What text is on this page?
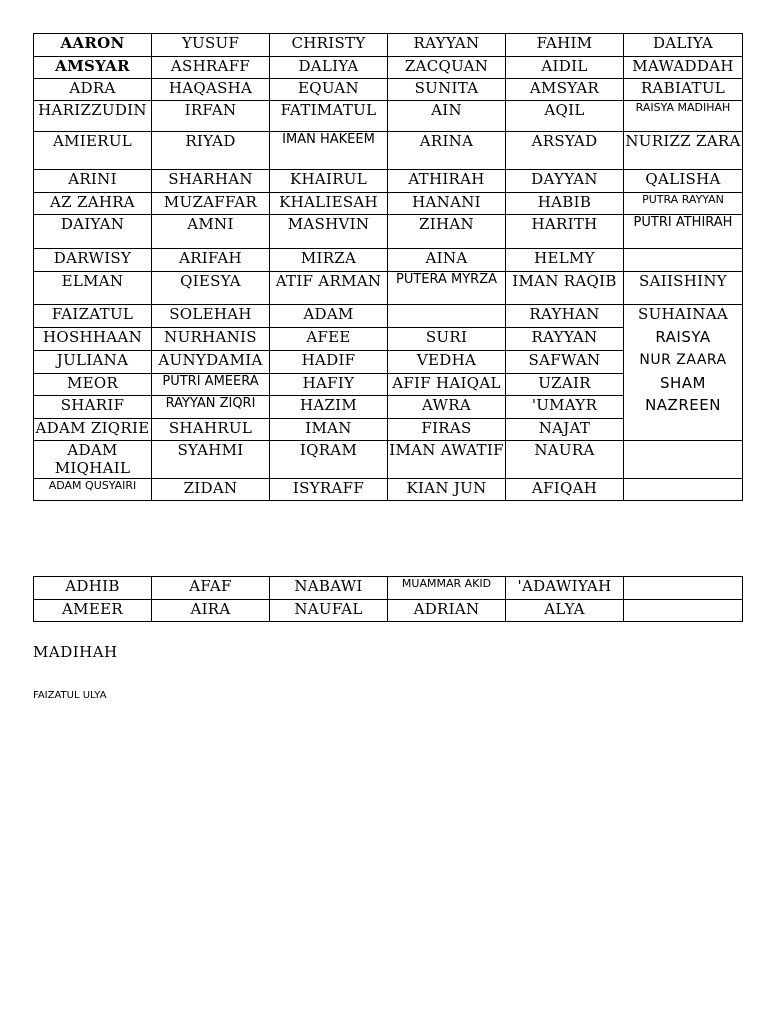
AARON	YUSUF	CHRISTY	RAYYAN	FAHIM	DALIYA
AMSYAR	ASHRAFF	DALIYA	ZACQUAN	AIDIL	MAWADDAH
ADRA	HAQASHA	EQUAN	SUNITA	AMSYAR	RABIATUL
HARIZZUDIN	IRFAN	FATIMATUL	AIN	AQIL	RAISYA MADIHAH
AMIERUL	RIYAD	IMAN HAKEEM	ARINA	ARSYAD	NURIZZ ZARA
ARINI	SHARHAN	KHAIRUL	ATHIRAH	DAYYAN	QALISHA
AZ ZAHRA	MUZAFFAR	KHALIESAH	HANANI	HABIB	PUTRA RAYYAN
DAIYAN	AMNI	MASHVIN	ZIHAN	HARITH	PUTRI ATHIRAH
DARWISY	ARIFAH	MIRZA	AINA	HELMY	
ELMAN	QIESYA	ATIF ARMAN	PUTERA MYRZA	IMAN RAQIB	SAIISHINY
FAIZATUL	SOLEHAH	ADAM		RAYHAN	SUHAINAA
HOSHHAAN	NURHANIS	AFEE	SURI	RAYYAN	RAISYA
JULIANA	AUNYDAMIA	HADIF	VEDHA	SAFWAN	NUR ZAARA
MEOR	PUTRI AMEERA	HAFIY	AFIF HAIQAL	UZAIR	SHAM
SHARIF	RAYYAN ZIQRI	HAZIM	AWRA	'UMAYR	NAZREEN
ADAM ZIQRIE	SHAHRUL	IMAN	FIRAS	NAJAT	
ADAM MIQHAIL	SYAHMI	IQRAM	IMAN AWATIF	NAURA	
ADAM QUSYAIRI	ZIDAN	ISYRAFF	KIAN JUN	AFIQAH	
ADHIB	AFAF	NABAWI	MUAMMAR AKID	'ADAWIYAH	
AMEER	AIRA	NAUFAL	ADRIAN	ALYA	
MADIHAH
FAIZATUL ULYA
